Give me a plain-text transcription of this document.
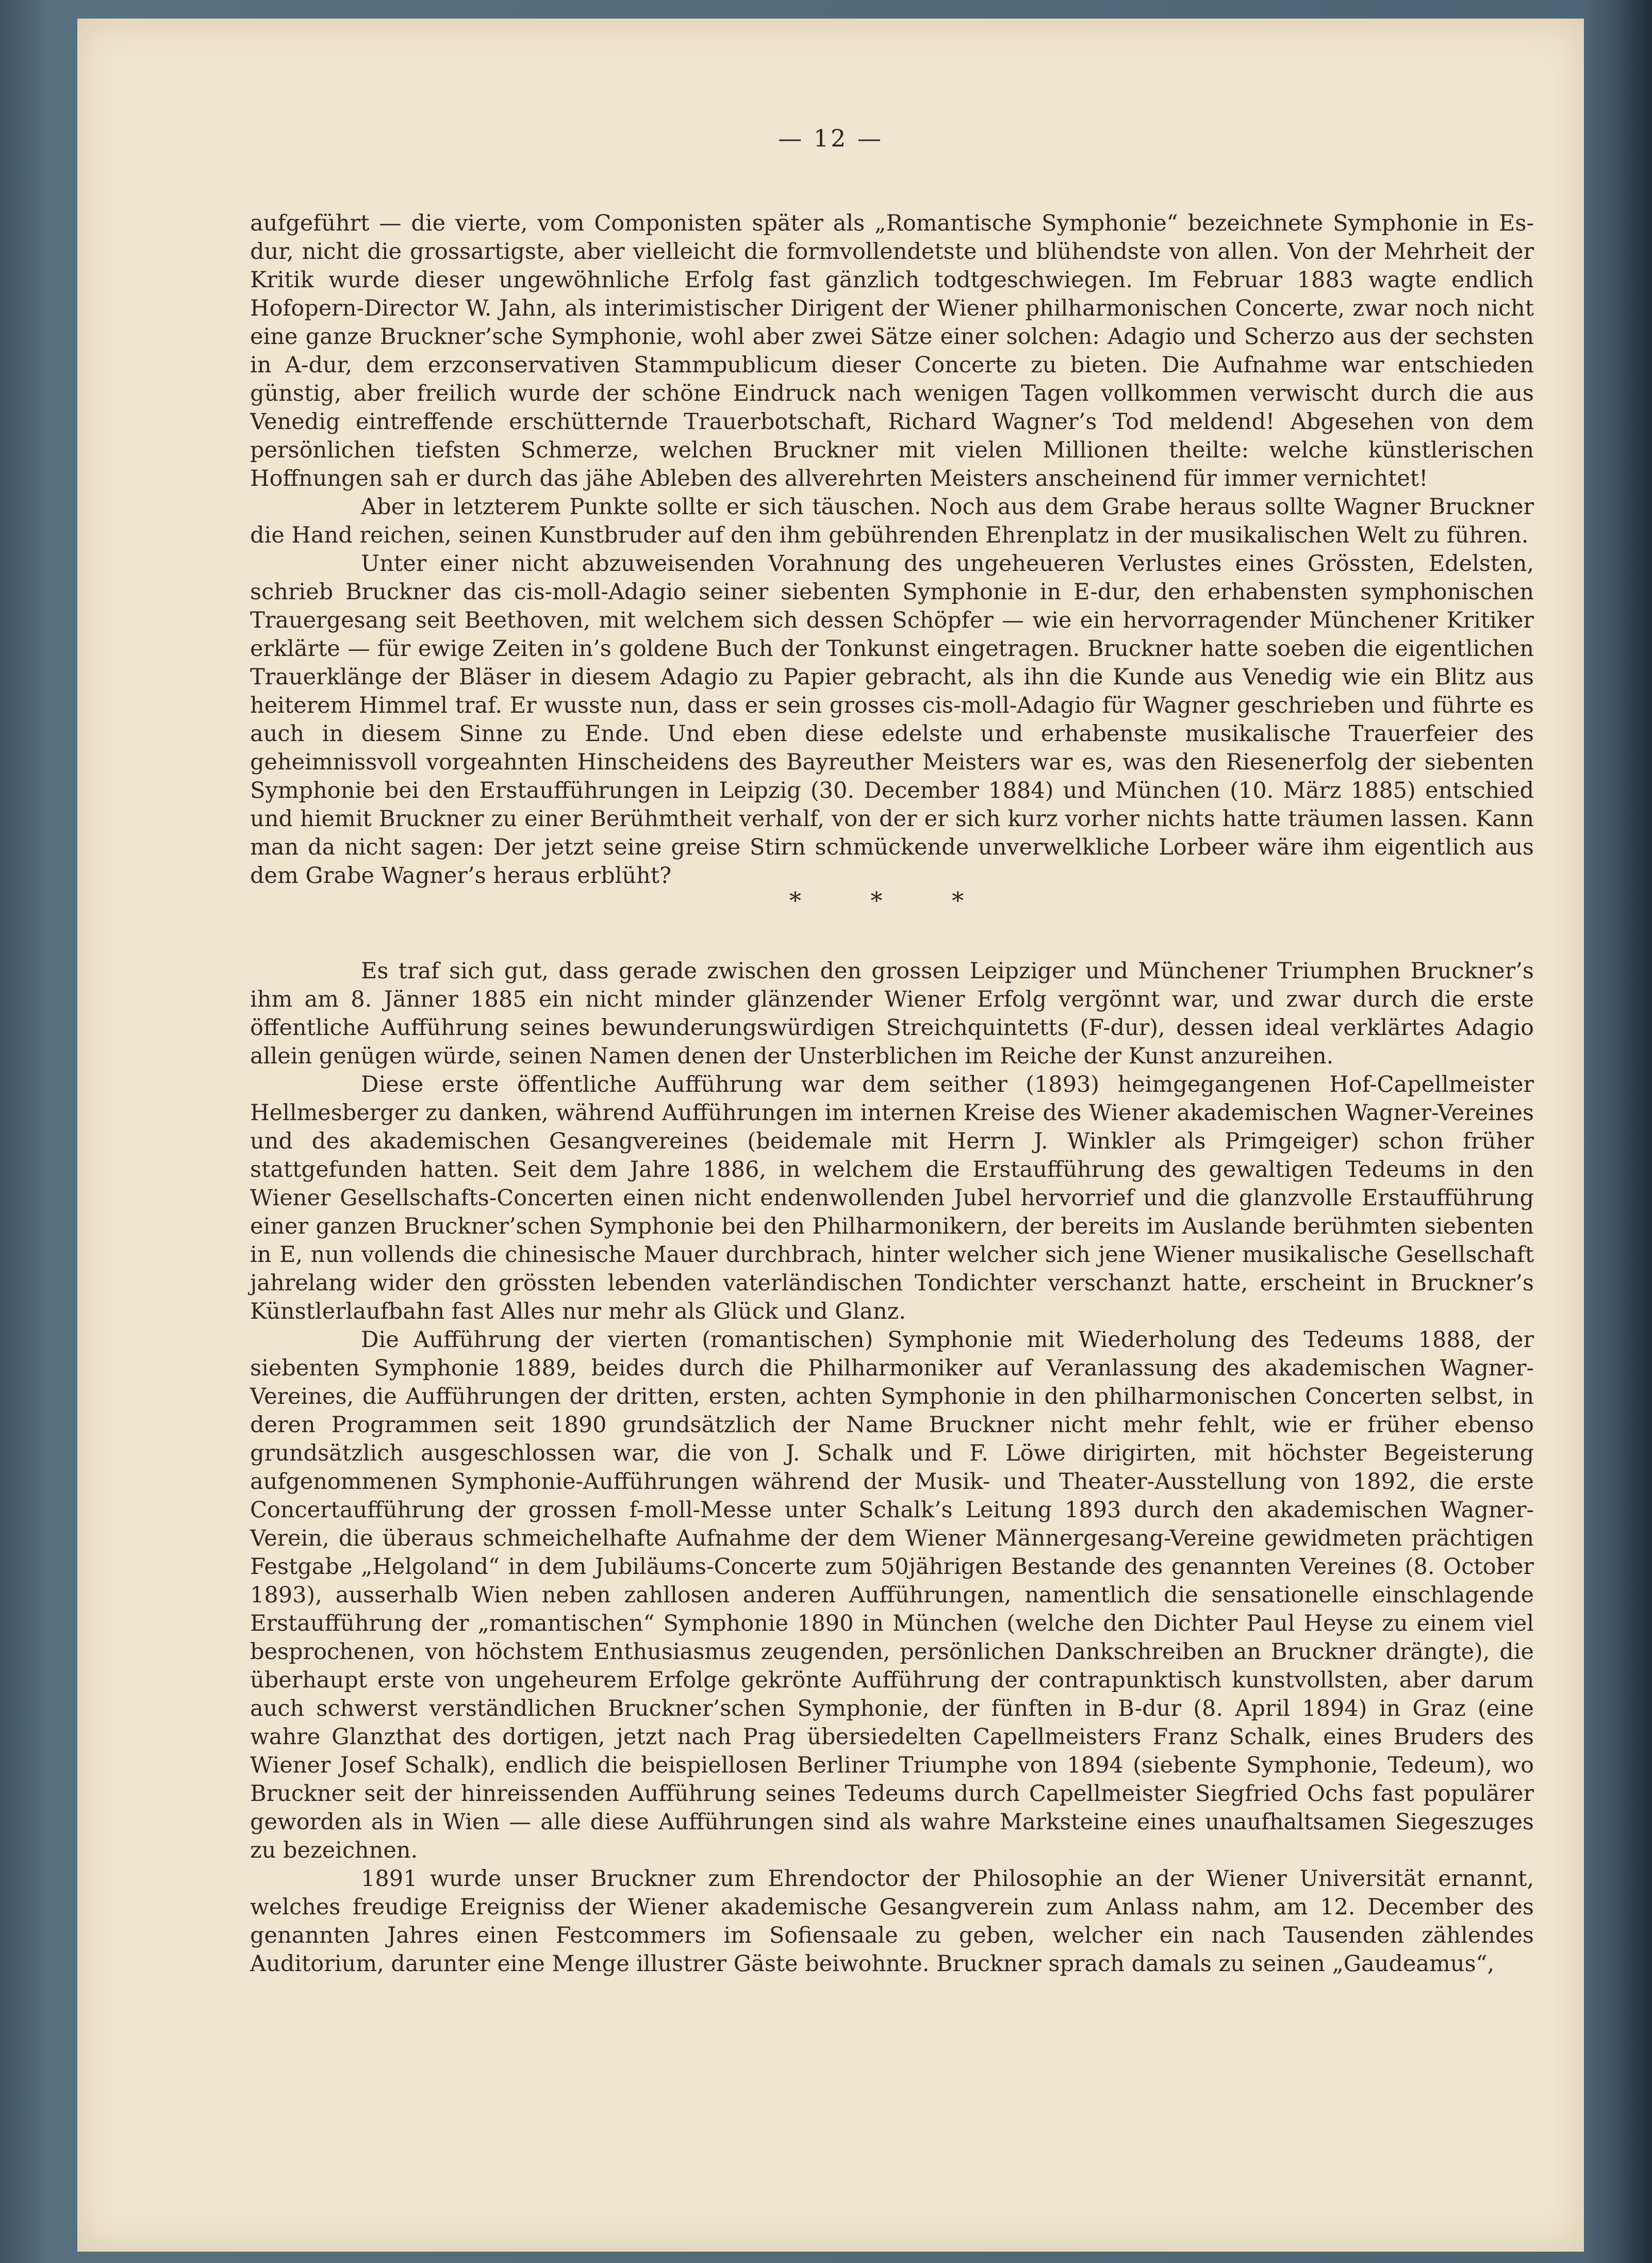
— 12 —

aufgeführt — die vierte, vom Componisten später als „Romantische Symphonie“ bezeichnete Symphonie in Es-dur, nicht die grossartigste, aber vielleicht die formvollendetste und blühendste von allen. Von der Mehrheit der Kritik wurde dieser ungewöhnliche Erfolg fast gänzlich todtgeschwiegen. Im Februar 1883 wagte endlich Hofopern-Director W. Jahn, als interimistischer Dirigent der Wiener philharmonischen Concerte, zwar noch nicht eine ganze Bruckner’sche Symphonie, wohl aber zwei Sätze einer solchen: Adagio und Scherzo aus der sechsten in A-dur, dem erzconservativen Stammpublicum dieser Concerte zu bieten. Die Aufnahme war entschieden günstig, aber freilich wurde der schöne Eindruck nach wenigen Tagen vollkommen verwischt durch die aus Venedig eintreffende erschütternde Trauerbotschaft, Richard Wagner’s Tod meldend! Abgesehen von dem persönlichen tiefsten Schmerze, welchen Bruckner mit vielen Millionen theilte: welche künstlerischen Hoffnungen sah er durch das jähe Ableben des allverehrten Meisters anscheinend für immer vernichtet!

Aber in letzterem Punkte sollte er sich täuschen. Noch aus dem Grabe heraus sollte Wagner Bruckner die Hand reichen, seinen Kunstbruder auf den ihm gebührenden Ehrenplatz in der musikalischen Welt zu führen.

Unter einer nicht abzuweisenden Vorahnung des ungeheueren Verlustes eines Grössten, Edelsten, schrieb Bruckner das cis-moll-Adagio seiner siebenten Symphonie in E-dur, den erhabensten symphonischen Trauergesang seit Beethoven, mit welchem sich dessen Schöpfer — wie ein hervorragender Münchener Kritiker erklärte — für ewige Zeiten in’s goldene Buch der Tonkunst eingetragen. Bruckner hatte soeben die eigentlichen Trauerklänge der Bläser in diesem Adagio zu Papier gebracht, als ihn die Kunde aus Venedig wie ein Blitz aus heiterem Himmel traf. Er wusste nun, dass er sein grosses cis-moll-Adagio für Wagner geschrieben und führte es auch in diesem Sinne zu Ende. Und eben diese edelste und erhabenste musikalische Trauerfeier des geheimnissvoll vorgeahnten Hinscheidens des Bayreuther Meisters war es, was den Riesenerfolg der siebenten Symphonie bei den Erstaufführungen in Leipzig (30. December 1884) und München (10. März 1885) entschied und hiemit Bruckner zu einer Berühmtheit verhalf, von der er sich kurz vorher nichts hatte träumen lassen. Kann man da nicht sagen: Der jetzt seine greise Stirn schmückende unverwelkliche Lorbeer wäre ihm eigentlich aus dem Grabe Wagner’s heraus erblüht?

* * *

Es traf sich gut, dass gerade zwischen den grossen Leipziger und Münchener Triumphen Bruckner’s ihm am 8. Jänner 1885 ein nicht minder glänzender Wiener Erfolg vergönnt war, und zwar durch die erste öffentliche Aufführung seines bewunderungswürdigen Streichquintetts (F-dur), dessen ideal verklärtes Adagio allein genügen würde, seinen Namen denen der Unsterblichen im Reiche der Kunst anzureihen.

Diese erste öffentliche Aufführung war dem seither (1893) heimgegangenen Hof-Capellmeister Hellmesberger zu danken, während Aufführungen im internen Kreise des Wiener akademischen Wagner-Vereines und des akademischen Gesangvereines (beidemale mit Herrn J. Winkler als Primgeiger) schon früher stattgefunden hatten. Seit dem Jahre 1886, in welchem die Erstaufführung des gewaltigen Tedeums in den Wiener Gesellschafts-Concerten einen nicht endenwollenden Jubel hervorrief und die glanzvolle Erstaufführung einer ganzen Bruckner’schen Symphonie bei den Philharmonikern, der bereits im Auslande berühmten siebenten in E, nun vollends die chinesische Mauer durchbrach, hinter welcher sich jene Wiener musikalische Gesellschaft jahrelang wider den grössten lebenden vaterländischen Tondichter verschanzt hatte, erscheint in Bruckner’s Künstlerlaufbahn fast Alles nur mehr als Glück und Glanz.

Die Aufführung der vierten (romantischen) Symphonie mit Wiederholung des Tedeums 1888, der siebenten Symphonie 1889, beides durch die Philharmoniker auf Veranlassung des akademischen Wagner-Vereines, die Aufführungen der dritten, ersten, achten Symphonie in den philharmonischen Concerten selbst, in deren Programmen seit 1890 grundsätzlich der Name Bruckner nicht mehr fehlt, wie er früher ebenso grundsätzlich ausgeschlossen war, die von J. Schalk und F. Löwe dirigirten, mit höchster Begeisterung aufgenommenen Symphonie-Aufführungen während der Musik- und Theater-Ausstellung von 1892, die erste Concertaufführung der grossen f-moll-Messe unter Schalk’s Leitung 1893 durch den akademischen Wagner-Verein, die überaus schmeichelhafte Aufnahme der dem Wiener Männergesang-Vereine gewidmeten prächtigen Festgabe „Helgoland“ in dem Jubiläums-Concerte zum 50jährigen Bestande des genannten Vereines (8. October 1893), ausserhalb Wien neben zahllosen anderen Aufführungen, namentlich die sensationelle einschlagende Erstaufführung der „romantischen“ Symphonie 1890 in München (welche den Dichter Paul Heyse zu einem viel besprochenen, von höchstem Enthusiasmus zeugenden, persönlichen Dankschreiben an Bruckner drängte), die überhaupt erste von ungeheurem Erfolge gekrönte Aufführung der contrapunktisch kunstvollsten, aber darum auch schwerst verständlichen Bruckner’schen Symphonie, der fünften in B-dur (8. April 1894) in Graz (eine wahre Glanzthat des dortigen, jetzt nach Prag übersiedelten Capellmeisters Franz Schalk, eines Bruders des Wiener Josef Schalk), endlich die beispiellosen Berliner Triumphe von 1894 (siebente Symphonie, Tedeum), wo Bruckner seit der hinreissenden Aufführung seines Tedeums durch Capellmeister Siegfried Ochs fast populärer geworden als in Wien — alle diese Aufführungen sind als wahre Marksteine eines unaufhaltsamen Siegeszuges zu bezeichnen.

1891 wurde unser Bruckner zum Ehrendoctor der Philosophie an der Wiener Universität ernannt, welches freudige Ereigniss der Wiener akademische Gesangverein zum Anlass nahm, am 12. December des genannten Jahres einen Festcommers im Sofiensaale zu geben, welcher ein nach Tausenden zählendes Auditorium, darunter eine Menge illustrer Gäste beiwohnte. Bruckner sprach damals zu seinen „Gaudeamus“,
